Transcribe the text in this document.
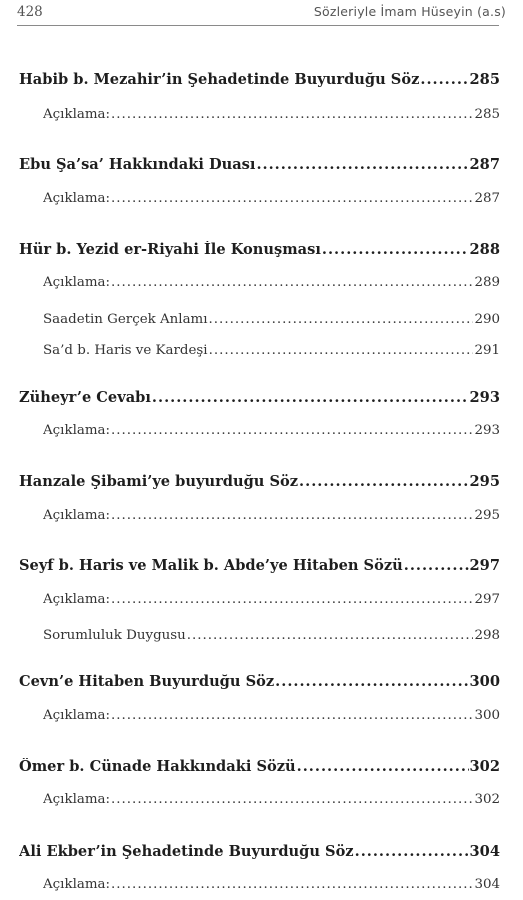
428	Sözleriyle İmam Hüseyin (a.s)
Habib b. Mezahir’in Şehadetinde Buyurduğu Söz .....	285
Açıklama: .....	285
Ebu Şa’sa’ Hakkındaki Duası .....	287
Açıklama: .....	287
Hür b. Yezid er-Riyahi İle Konuşması .....	288
Açıklama: .....	289
Saadetin Gerçek Anlamı .....	290
Sa’d b. Haris ve Kardeşi .....	291
Züheyr’e Cevabı .....	293
Açıklama: .....	293
Hanzale Şibami’ye buyurduğu Söz .....	295
Açıklama: .....	295
Seyf b. Haris ve Malik b. Abde’ye Hitaben Sözü .....	297
Açıklama: .....	297
Sorumluluk Duygusu .....	298
Cevn’e Hitaben Buyurduğu Söz .....	300
Açıklama: .....	300
Ömer b. Cünade Hakkındaki Sözü .....	302
Açıklama: .....	302
Ali Ekber’in Şehadetinde Buyurduğu Söz .....	304
Açıklama: .....	304
